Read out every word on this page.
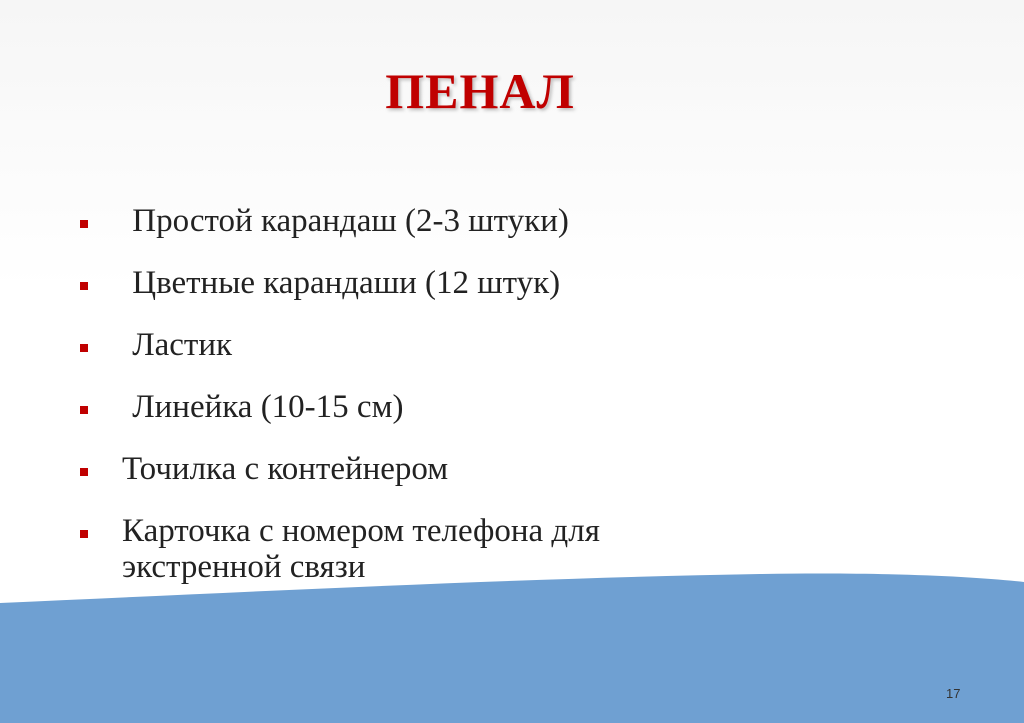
ПЕНАЛ
Простой карандаш (2-3 штуки)
Цветные карандаши (12 штук)
Ластик
Линейка (10-15 см)
Точилка с контейнером
Карточка с номером телефона для экстренной связи
17
